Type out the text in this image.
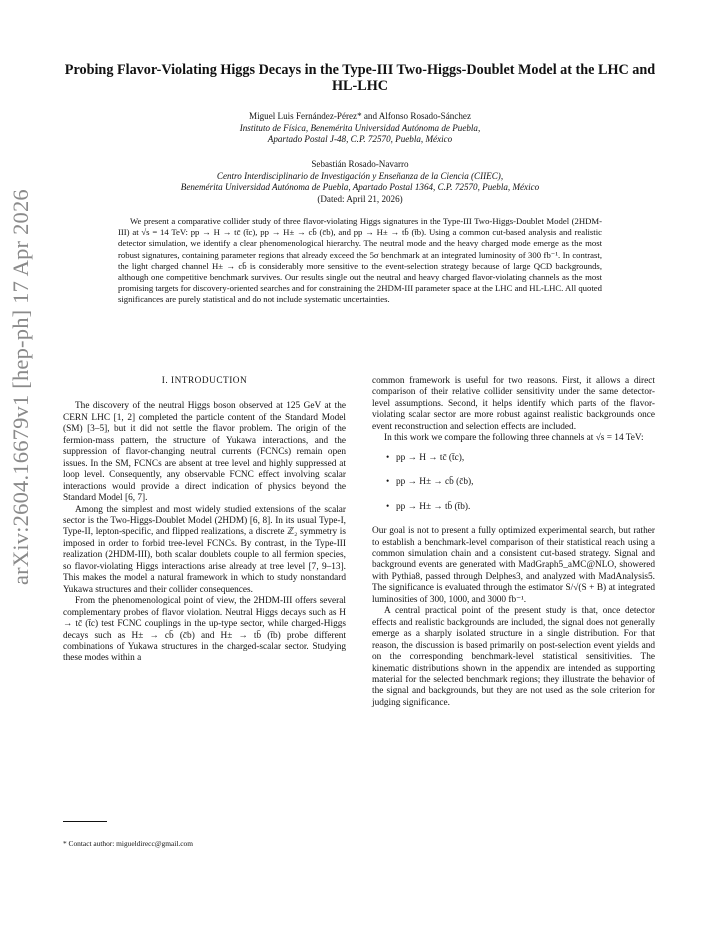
arXiv:2604.16679v1 [hep-ph] 17 Apr 2026
Probing Flavor-Violating Higgs Decays in the Type-III Two-Higgs-Doublet Model at the LHC and HL-LHC
Miguel Luis Fernández-Pérez* and Alfonso Rosado-Sánchez
Instituto de Física, Benemérita Universidad Autónoma de Puebla,
Apartado Postal J-48, C.P. 72570, Puebla, México
Sebastián Rosado-Navarro
Centro Interdisciplinario de Investigación y Enseñanza de la Ciencia (CIIEC),
Benemérita Universidad Autónoma de Puebla, Apartado Postal 1364, C.P. 72570, Puebla, México
(Dated: April 21, 2026)

We present a comparative collider study of three flavor-violating Higgs signatures in the Type-III Two-Higgs-Doublet Model (2HDM-III) at √s = 14 TeV: pp → H → tc̄ (t̄c), pp → H± → cb̄ (c̄b), and pp → H± → tb̄ (t̄b). Using a common cut-based analysis and realistic detector simulation, we identify a clear phenomenological hierarchy. The neutral mode and the heavy charged mode emerge as the most robust signatures, containing parameter regions that already exceed the 5σ benchmark at an integrated luminosity of 300 fb⁻¹. In contrast, the light charged channel H± → cb̄ is considerably more sensitive to the event-selection strategy because of large QCD backgrounds, although one competitive benchmark survives. Our results single out the neutral and heavy charged flavor-violating channels as the most promising targets for discovery-oriented searches and for constraining the 2HDM-III parameter space at the LHC and HL-LHC. All quoted significances are purely statistical and do not include systematic uncertainties.

I. INTRODUCTION

The discovery of the neutral Higgs boson observed at 125 GeV at the CERN LHC [1, 2] completed the particle content of the Standard Model (SM) [3–5], but it did not settle the flavor problem. The origin of the fermion-mass pattern, the structure of Yukawa interactions, and the suppression of flavor-changing neutral currents (FCNCs) remain open issues. In the SM, FCNCs are absent at tree level and highly suppressed at loop level. Consequently, any observable FCNC effect involving scalar interactions would provide a direct indication of physics beyond the Standard Model [6, 7].

Among the simplest and most widely studied extensions of the scalar sector is the Two-Higgs-Doublet Model (2HDM) [6, 8]. In its usual Type-I, Type-II, lepton-specific, and flipped realizations, a discrete ℤ₂ symmetry is imposed in order to forbid tree-level FCNCs. By contrast, in the Type-III realization (2HDM-III), both scalar doublets couple to all fermion species, so flavor-violating Higgs interactions arise already at tree level [7, 9–13]. This makes the model a natural framework in which to study nonstandard Yukawa structures and their collider consequences.

From the phenomenological point of view, the 2HDM-III offers several complementary probes of flavor violation. Neutral Higgs decays such as H → tc̄ (t̄c) test FCNC couplings in the up-type sector, while charged-Higgs decays such as H± → cb̄ (c̄b) and H± → tb̄ (t̄b) probe different combinations of Yukawa structures in the charged-scalar sector. Studying these modes within a

common framework is useful for two reasons. First, it allows a direct comparison of their relative collider sensitivity under the same detector-level assumptions. Second, it helps identify which parts of the flavor-violating scalar sector are more robust against realistic backgrounds once event reconstruction and selection effects are included.

In this work we compare the following three channels at √s = 14 TeV:

• pp → H → tc̄ (t̄c),
• pp → H± → cb̄ (c̄b),
• pp → H± → tb̄ (t̄b).

Our goal is not to present a fully optimized experimental search, but rather to establish a benchmark-level comparison of their statistical reach using a common simulation chain and a consistent cut-based strategy. Signal and background events are generated with MadGraph5_aMC@NLO, showered with Pythia8, passed through Delphes3, and analyzed with MadAnalysis5. The significance is evaluated through the estimator S/√(S + B) at integrated luminosities of 300, 1000, and 3000 fb⁻¹.

A central practical point of the present study is that, once detector effects and realistic backgrounds are included, the signal does not generally emerge as a sharply isolated structure in a single distribution. For that reason, the discussion is based primarily on post-selection event yields and on the corresponding benchmark-level statistical sensitivities. The kinematic distributions shown in the appendix are intended as supporting material for the selected benchmark regions; they illustrate the behavior of the signal and backgrounds, but they are not used as the sole criterion for judging significance.

* Contact author: migueldirecc@gmail.com
